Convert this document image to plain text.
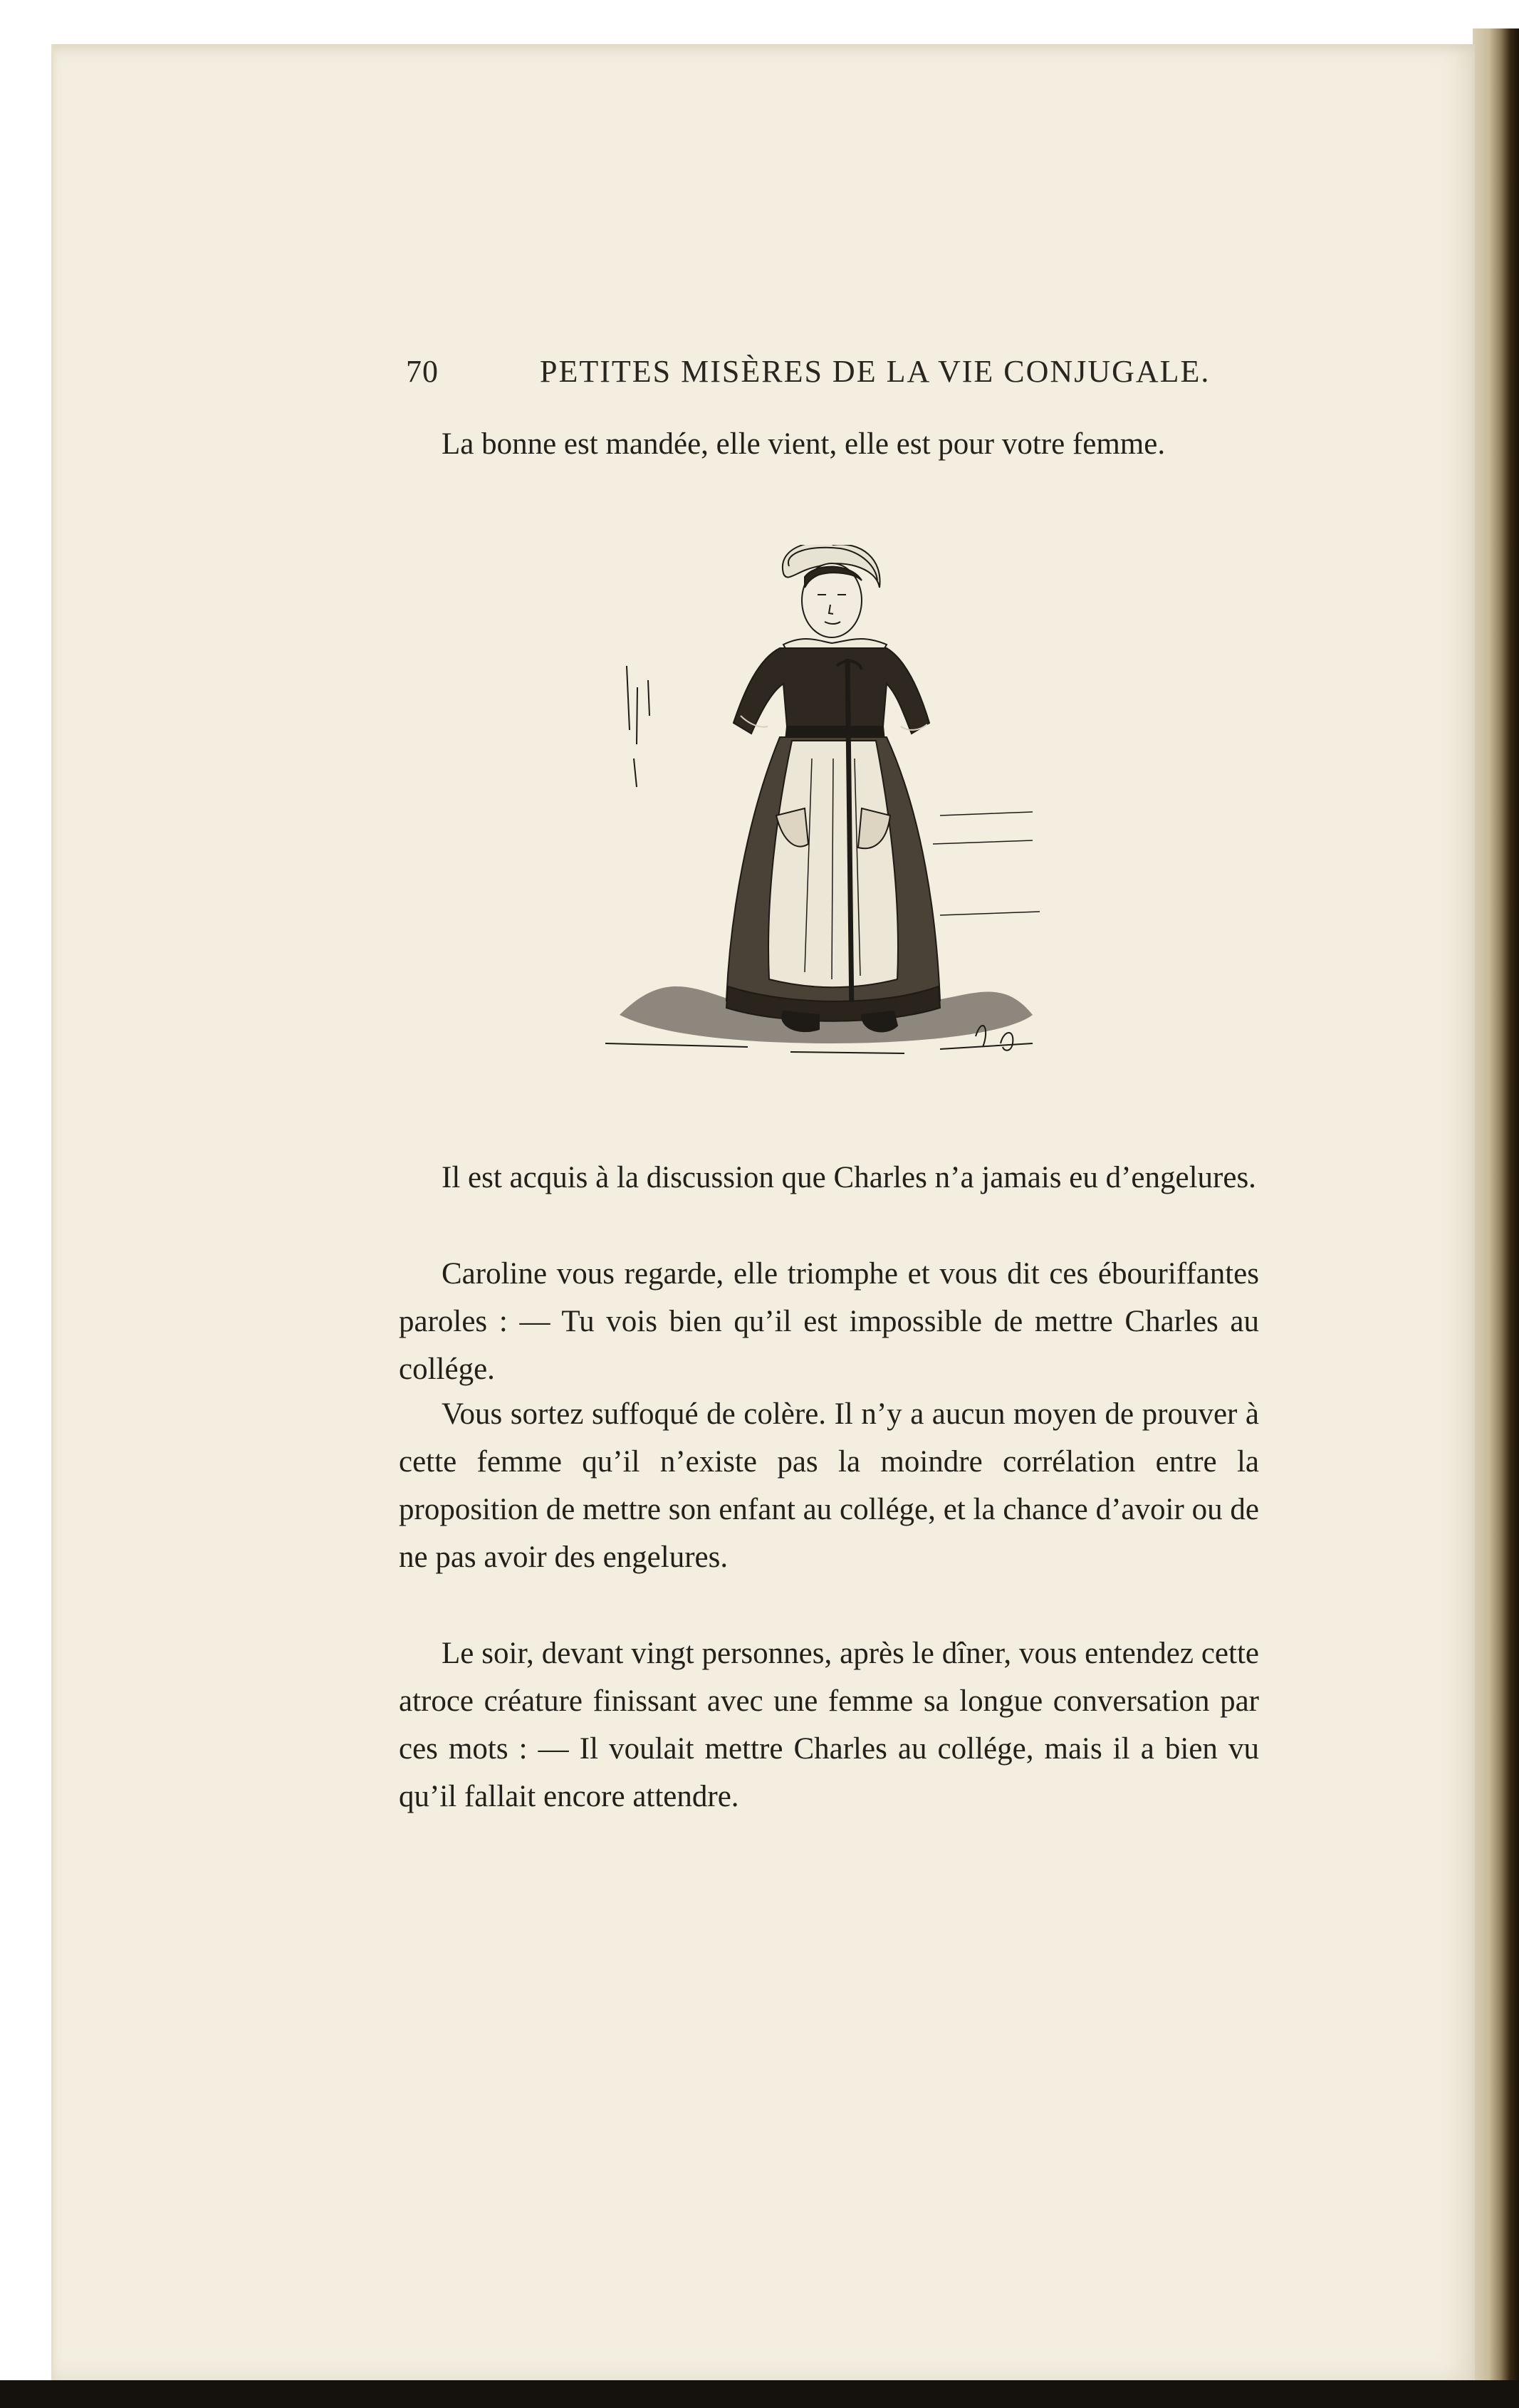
70	PETITES MISÈRES DE LA VIE CONJUGALE.

La bonne est mandée, elle vient, elle est pour votre femme.

Il est acquis à la discussion que Charles n’a jamais eu d’engelures.

Caroline vous regarde, elle triomphe et vous dit ces ébouriffantes paroles : — Tu vois bien qu’il est impossible de mettre Charles au collége.

Vous sortez suffoqué de colère. Il n’y a aucun moyen de prouver à cette femme qu’il n’existe pas la moindre corrélation entre la proposition de mettre son enfant au collége, et la chance d’avoir ou de ne pas avoir des engelures.

Le soir, devant vingt personnes, après le dîner, vous entendez cette atroce créature finissant avec une femme sa longue conversation par ces mots : — Il voulait mettre Charles au collége, mais il a bien vu qu’il fallait encore attendre.
